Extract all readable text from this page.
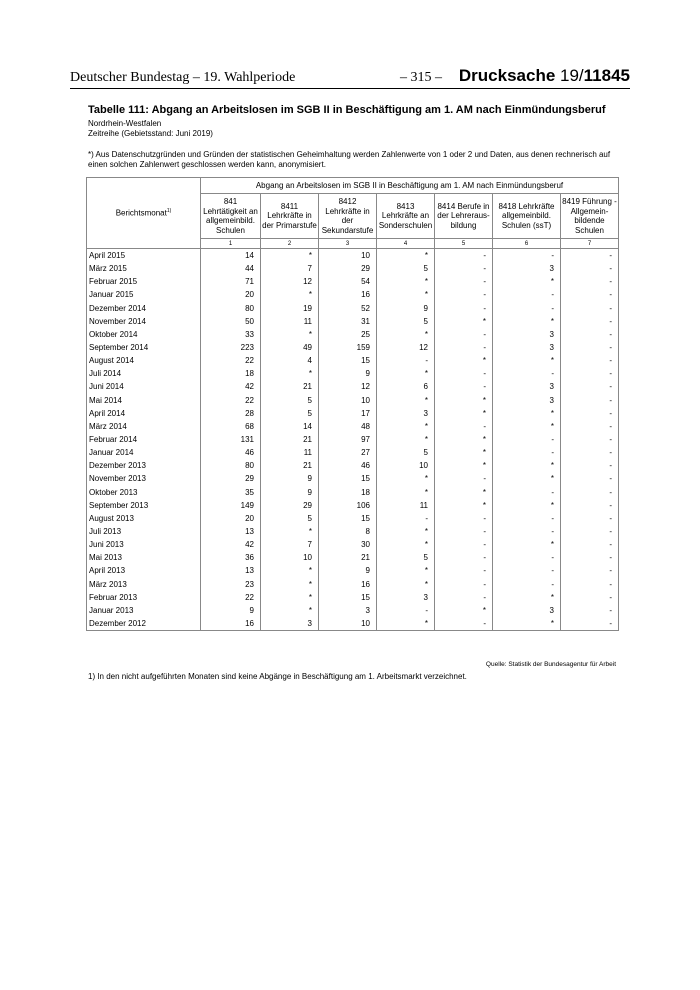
Deutscher Bundestag – 19. Wahlperiode	– 315 – Drucksache 19/11845
Tabelle 111: Abgang an Arbeitslosen im SGB II in Beschäftigung am 1. AM nach Einmündungsberuf
Nordrhein-Westfalen
Zeitreihe (Gebietsstand: Juni 2019)
*) Aus Datenschutzgründen und Gründen der statistischen Geheimhaltung werden Zahlenwerte von 1 oder 2 und Daten, aus denen rechnerisch auf einen solchen Zahlenwert geschlossen werden kann, anonymisiert.
Berichtsmonat$^{1)}$	Abgang an Arbeitslosen im SGB II in Beschäftigung am 1. AM nach Einmündungsberuf						
	841 Lehrtätigkeit an allgemeinbild. Schulen	8411 Lehrkräfte in der Primarstufe	8412 Lehrkräfte in der Sekundarstufe	8413 Lehrkräfte an Sonderschulen	8414 Berufe in der Lehreraus-bildung	8418 Lehrkräfte allgemeinbild. Schulen (ssT)	8419 Führung - Allgemein-bildende Schulen
	1	2	3	4	5	6	7
April 2015	14	*	10	*	-	-	-
März 2015	44	7	29	5	-	3	-
Februar 2015	71	12	54	*	-	*	-
Januar 2015	20	*	16	*	-	-	-
Dezember 2014	80	19	52	9	-	-	-
November 2014	50	11	31	5	*	*	-
Oktober 2014	33	*	25	*	-	3	-
September 2014	223	49	159	12	-	3	-
August 2014	22	4	15	-	*	*	-
Juli 2014	18	*	9	*	-	-	-
Juni 2014	42	21	12	6	-	3	-
Mai 2014	22	5	10	*	*	3	-
April 2014	28	5	17	3	*	*	-
März 2014	68	14	48	*	-	*	-
Februar 2014	131	21	97	*	*	-	-
Januar 2014	46	11	27	5	*	-	-
Dezember 2013	80	21	46	10	*	*	-
November 2013	29	9	15	*	-	*	-
Oktober 2013	35	9	18	*	*	-	-
September 2013	149	29	106	11	*	*	-
August 2013	20	5	15	-	-	-	-
Juli 2013	13	*	8	*	-	-	-
Juni 2013	42	7	30	*	-	*	-
Mai 2013	36	10	21	5	-	-	-
April 2013	13	*	9	*	-	-	-
März 2013	23	*	16	*	-	-	-
Februar 2013	22	*	15	3	-	*	-
Januar 2013	9	*	3	-	*	3	-
Dezember 2012	16	3	10	*	-	*	-
Quelle: Statistik der Bundesagentur für Arbeit
1) In den nicht aufgeführten Monaten sind keine Abgänge in Beschäftigung am 1. Arbeitsmarkt verzeichnet.
